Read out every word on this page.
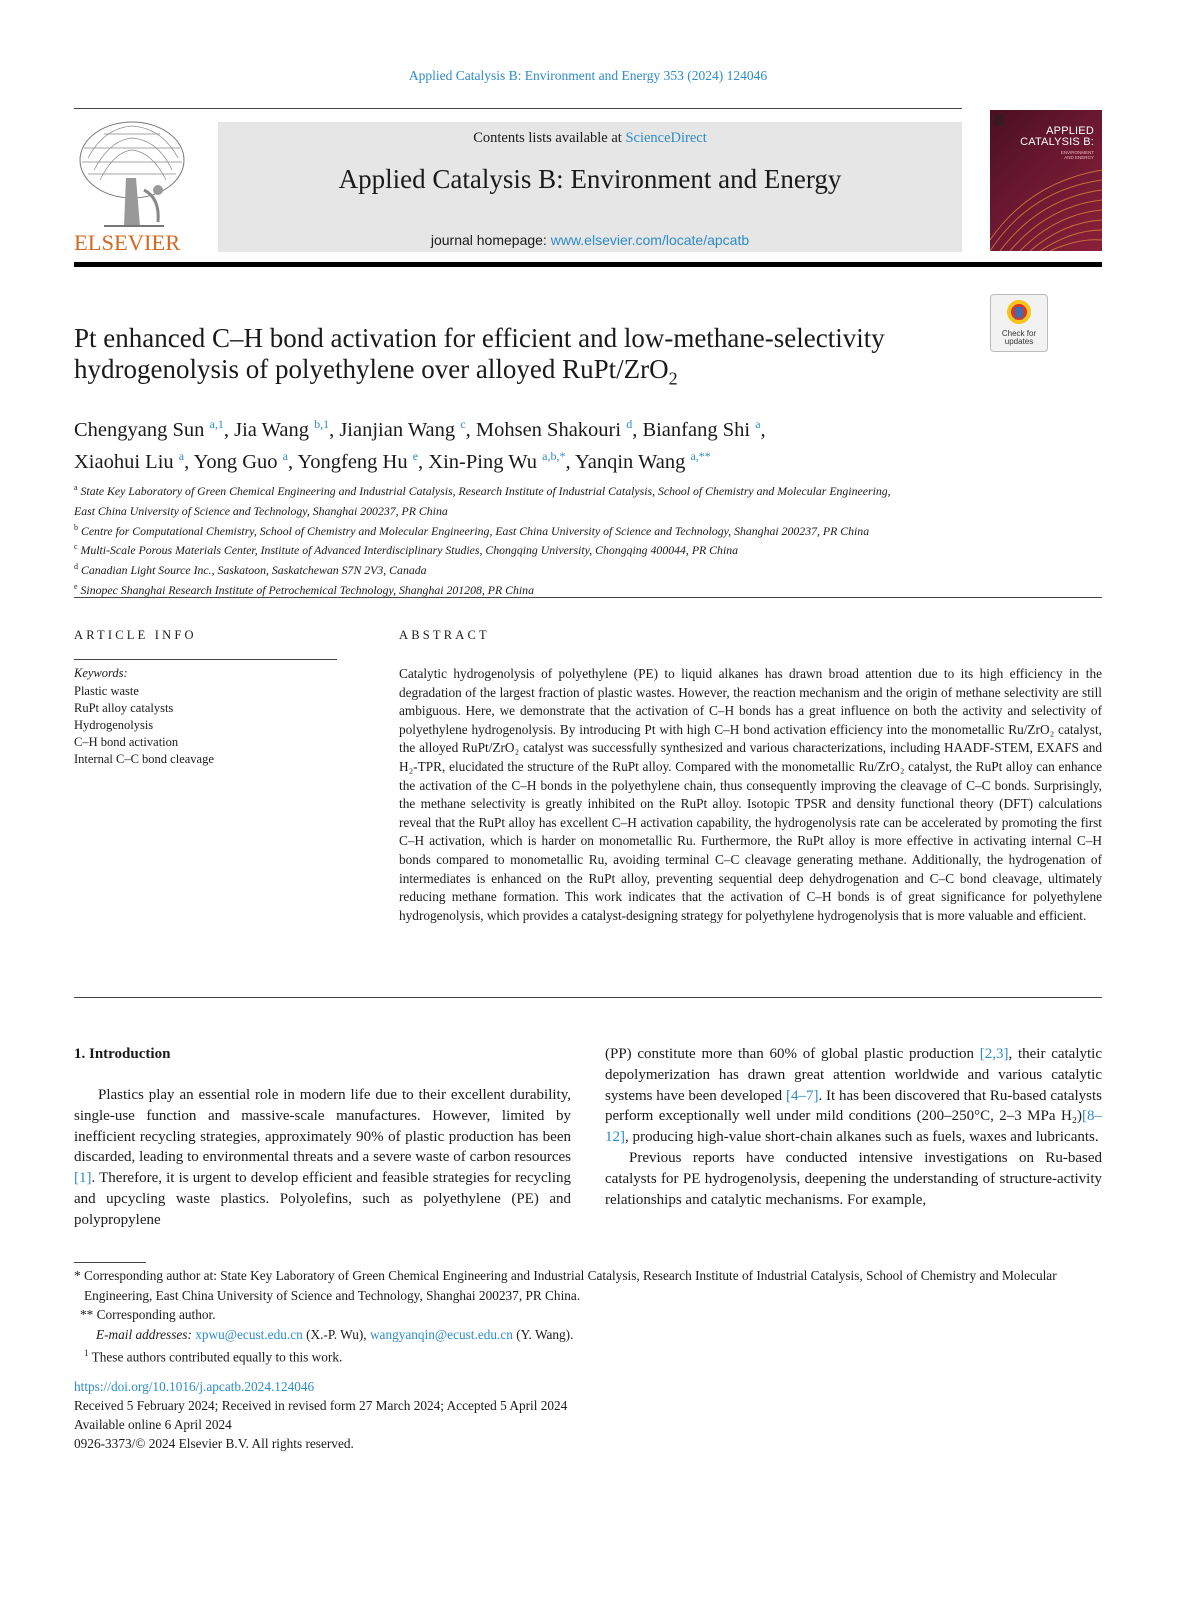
Applied Catalysis B: Environment and Energy 353 (2024) 124046
ELSEVIER
Contents lists available at ScienceDirect
Applied Catalysis B: Environment and Energy
journal homepage: www.elsevier.com/locate/apcatb
APPLIED
CATALYSIS B:
ENVIRONMENT
AND ENERGY
Check for
updates
Pt enhanced C–H bond activation for efficient and low-methane-selectivity
hydrogenolysis of polyethylene over alloyed RuPt/ZrO$_2$
Chengyang Sun $^{a,1}$, Jia Wang $^{b,1}$, Jianjian Wang $^c$, Mohsen Shakouri $^d$, Bianfang Shi $^a$,
Xiaohui Liu $^a$, Yong Guo $^a$, Yongfeng Hu $^e$, Xin-Ping Wu $^{a,b,*}$, Yanqin Wang $^{a,**}$
$^a$ State Key Laboratory of Green Chemical Engineering and Industrial Catalysis, Research Institute of Industrial Catalysis, School of Chemistry and Molecular Engineering,
East China University of Science and Technology, Shanghai 200237, PR China
$^b$ Centre for Computational Chemistry, School of Chemistry and Molecular Engineering, East China University of Science and Technology, Shanghai 200237, PR China
$^c$ Multi-Scale Porous Materials Center, Institute of Advanced Interdisciplinary Studies, Chongqing University, Chongqing 400044, PR China
$^d$ Canadian Light Source Inc., Saskatoon, Saskatchewan S7N 2V3, Canada
$^e$ Sinopec Shanghai Research Institute of Petrochemical Technology, Shanghai 201208, PR China
ARTICLE INFO
Keywords:
Plastic waste
RuPt alloy catalysts
Hydrogenolysis
C–H bond activation
Internal C–C bond cleavage
ABSTRACT
Catalytic hydrogenolysis of polyethylene (PE) to liquid alkanes has drawn broad attention due to its high efficiency in the degradation of the largest fraction of plastic wastes. However, the reaction mechanism and the origin of methane selectivity are still ambiguous. Here, we demonstrate that the activation of C–H bonds has a great influence on both the activity and selectivity of polyethylene hydrogenolysis. By introducing Pt with high C–H bond activation efficiency into the monometallic Ru/ZrO₂ catalyst, the alloyed RuPt/ZrO₂ catalyst was successfully synthesized and various characterizations, including HAADF-STEM, EXAFS and H₂-TPR, elucidated the structure of the RuPt alloy. Compared with the monometallic Ru/ZrO₂ catalyst, the RuPt alloy can enhance the activation of the C–H bonds in the polyethylene chain, thus consequently improving the cleavage of C–C bonds. Surprisingly, the methane selectivity is greatly inhibited on the RuPt alloy. Isotopic TPSR and density functional theory (DFT) calculations reveal that the RuPt alloy has excellent C–H activation capability, the hydrogenolysis rate can be accelerated by promoting the first C–H activation, which is harder on monometallic Ru. Furthermore, the RuPt alloy is more effective in activating internal C–H bonds compared to monometallic Ru, avoiding terminal C–C cleavage generating methane. Additionally, the hydrogenation of intermediates is enhanced on the RuPt alloy, preventing sequential deep dehydrogenation and C–C bond cleavage, ultimately reducing methane formation. This work indicates that the activation of C–H bonds is of great significance for polyethylene hydrogenolysis, which provides a catalyst-designing strategy for polyethylene hydrogenolysis that is more valuable and efficient.
1. Introduction

Plastics play an essential role in modern life due to their excellent durability, single-use function and massive-scale manufactures. However, limited by inefficient recycling strategies, approximately 90% of plastic production has been discarded, leading to environmental threats and a severe waste of carbon resources [1]. Therefore, it is urgent to develop efficient and feasible strategies for recycling and upcycling waste plastics. Polyolefins, such as polyethylene (PE) and polypropylene

(PP) constitute more than 60% of global plastic production [2,3], their catalytic depolymerization has drawn great attention worldwide and various catalytic systems have been developed [4–7]. It has been discovered that Ru-based catalysts perform exceptionally well under mild conditions (200–250°C, 2–3 MPa H₂)[8–12], producing high-value short-chain alkanes such as fuels, waxes and lubricants.

Previous reports have conducted intensive investigations on Ru-based catalysts for PE hydrogenolysis, deepening the understanding of structure-activity relationships and catalytic mechanisms. For example,

* Corresponding author at: State Key Laboratory of Green Chemical Engineering and Industrial Catalysis, Research Institute of Industrial Catalysis, School of Chemistry and Molecular Engineering, East China University of Science and Technology, Shanghai 200237, PR China.
** Corresponding author.
E-mail addresses: xpwu@ecust.edu.cn (X.-P. Wu), wangyanqin@ecust.edu.cn (Y. Wang).
$^1$ These authors contributed equally to this work.
https://doi.org/10.1016/j.apcatb.2024.124046
Received 5 February 2024; Received in revised form 27 March 2024; Accepted 5 April 2024
Available online 6 April 2024
0926-3373/© 2024 Elsevier B.V. All rights reserved.
